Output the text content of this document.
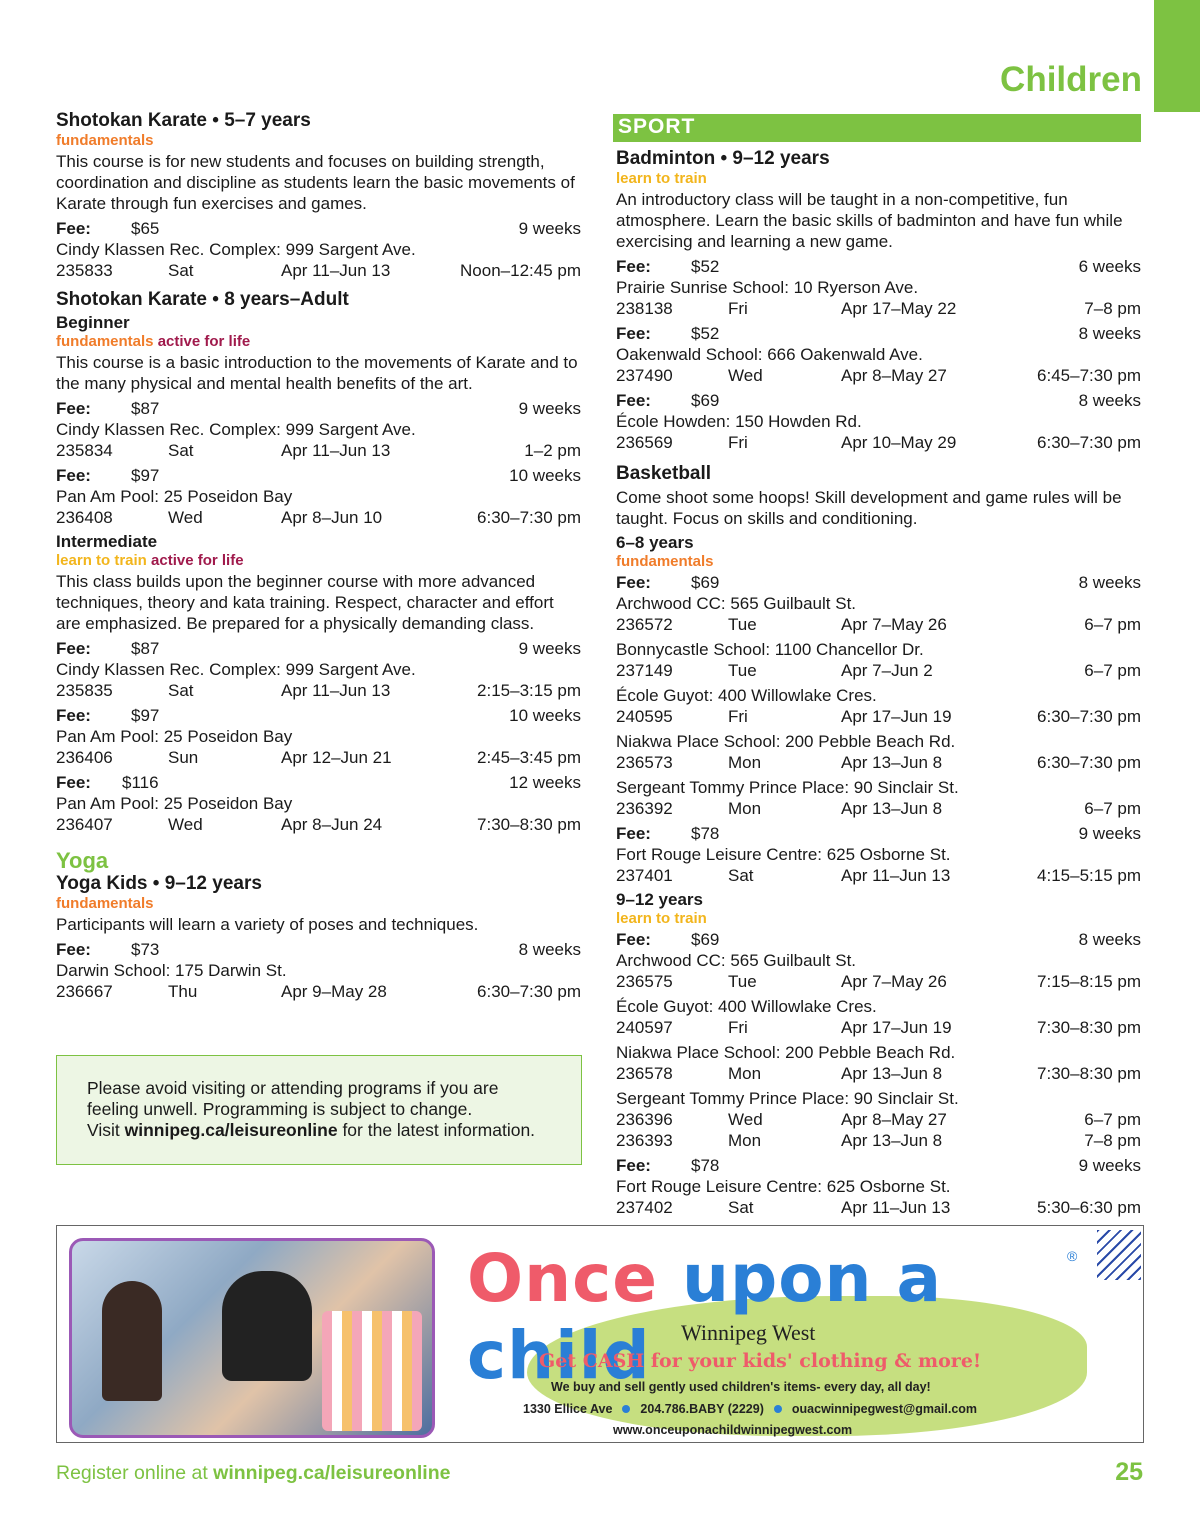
Children
Shotokan Karate • 5–7 years
fundamentals
This course is for new students and focuses on building strength, coordination and discipline as students learn the basic movements of Karate through fun exercises and games.
Fee: $65	9 weeks
Cindy Klassen Rec. Complex: 999 Sargent Ave.
235833	Sat	Apr 11–Jun 13	Noon–12:45 pm
Shotokan Karate • 8 years–Adult
Beginner
fundamentals active for life
This course is a basic introduction to the movements of Karate and to the many physical and mental health benefits of the art.
Fee: $87	9 weeks
Cindy Klassen Rec. Complex: 999 Sargent Ave.
235834	Sat	Apr 11–Jun 13	1–2 pm
Fee: $97	10 weeks
Pan Am Pool: 25 Poseidon Bay
236408	Wed	Apr 8–Jun 10	6:30–7:30 pm
Intermediate
learn to train active for life
This class builds upon the beginner course with more advanced techniques, theory and kata training. Respect, character and effort are emphasized. Be prepared for a physically demanding class.
Fee: $87	9 weeks
Cindy Klassen Rec. Complex: 999 Sargent Ave.
235835	Sat	Apr 11–Jun 13	2:15–3:15 pm
Fee: $97	10 weeks
Pan Am Pool: 25 Poseidon Bay
236406	Sun	Apr 12–Jun 21	2:45–3:45 pm
Fee: $116	12 weeks
Pan Am Pool: 25 Poseidon Bay
236407	Wed	Apr 8–Jun 24	7:30–8:30 pm
Yoga
Yoga Kids • 9–12 years
fundamentals
Participants will learn a variety of poses and techniques.
Fee: $73	8 weeks
Darwin School: 175 Darwin St.
236667	Thu	Apr 9–May 28	6:30–7:30 pm
Please avoid visiting or attending programs if you are
feeling unwell. Programming is subject to change.
Visit winnipeg.ca/leisureonline for the latest information.
SPORT
Badminton • 9–12 years
learn to train
An introductory class will be taught in a non-competitive, fun atmosphere. Learn the basic skills of badminton and have fun while exercising and learning a new game.
Fee: $52	6 weeks
Prairie Sunrise School: 10 Ryerson Ave.
238138	Fri	Apr 17–May 22	7–8 pm
Fee: $52	8 weeks
Oakenwald School: 666 Oakenwald Ave.
237490	Wed	Apr 8–May 27	6:45–7:30 pm
Fee: $69	8 weeks
École Howden: 150 Howden Rd.
236569	Fri	Apr 10–May 29	6:30–7:30 pm
Basketball
Come shoot some hoops! Skill development and game rules will be taught. Focus on skills and conditioning.
6–8 years
fundamentals
Fee: $69	8 weeks
Archwood CC: 565 Guilbault St.
236572	Tue	Apr 7–May 26	6–7 pm
Bonnycastle School: 1100 Chancellor Dr.
237149	Tue	Apr 7–Jun 2	6–7 pm
École Guyot: 400 Willowlake Cres.
240595	Fri	Apr 17–Jun 19	6:30–7:30 pm
Niakwa Place School: 200 Pebble Beach Rd.
236573	Mon	Apr 13–Jun 8	6:30–7:30 pm
Sergeant Tommy Prince Place: 90 Sinclair St.
236392	Mon	Apr 13–Jun 8	6–7 pm
Fee: $78	9 weeks
Fort Rouge Leisure Centre: 625 Osborne St.
237401	Sat	Apr 11–Jun 13	4:15–5:15 pm
9–12 years
learn to train
Fee: $69	8 weeks
Archwood CC: 565 Guilbault St.
236575	Tue	Apr 7–May 26	7:15–8:15 pm
École Guyot: 400 Willowlake Cres.
240597	Fri	Apr 17–Jun 19	7:30–8:30 pm
Niakwa Place School: 200 Pebble Beach Rd.
236578	Mon	Apr 13–Jun 8	7:30–8:30 pm
Sergeant Tommy Prince Place: 90 Sinclair St.
236396	Wed	Apr 8–May 27	6–7 pm
236393	Mon	Apr 13–Jun 8	7–8 pm
Fee: $78	9 weeks
Fort Rouge Leisure Centre: 625 Osborne St.
237402	Sat	Apr 11–Jun 13	5:30–6:30 pm
Once upon a child
®
Winnipeg West
Get CASH for your kids' clothing & more!
We buy and sell gently used children's items- every day, all day!
1330 Ellice Ave 204.786.BABY (2229) ouacwinnipegwest@gmail.com
www.onceuponachildwinnipegwest.com
Register online at winnipeg.ca/leisureonline	25
